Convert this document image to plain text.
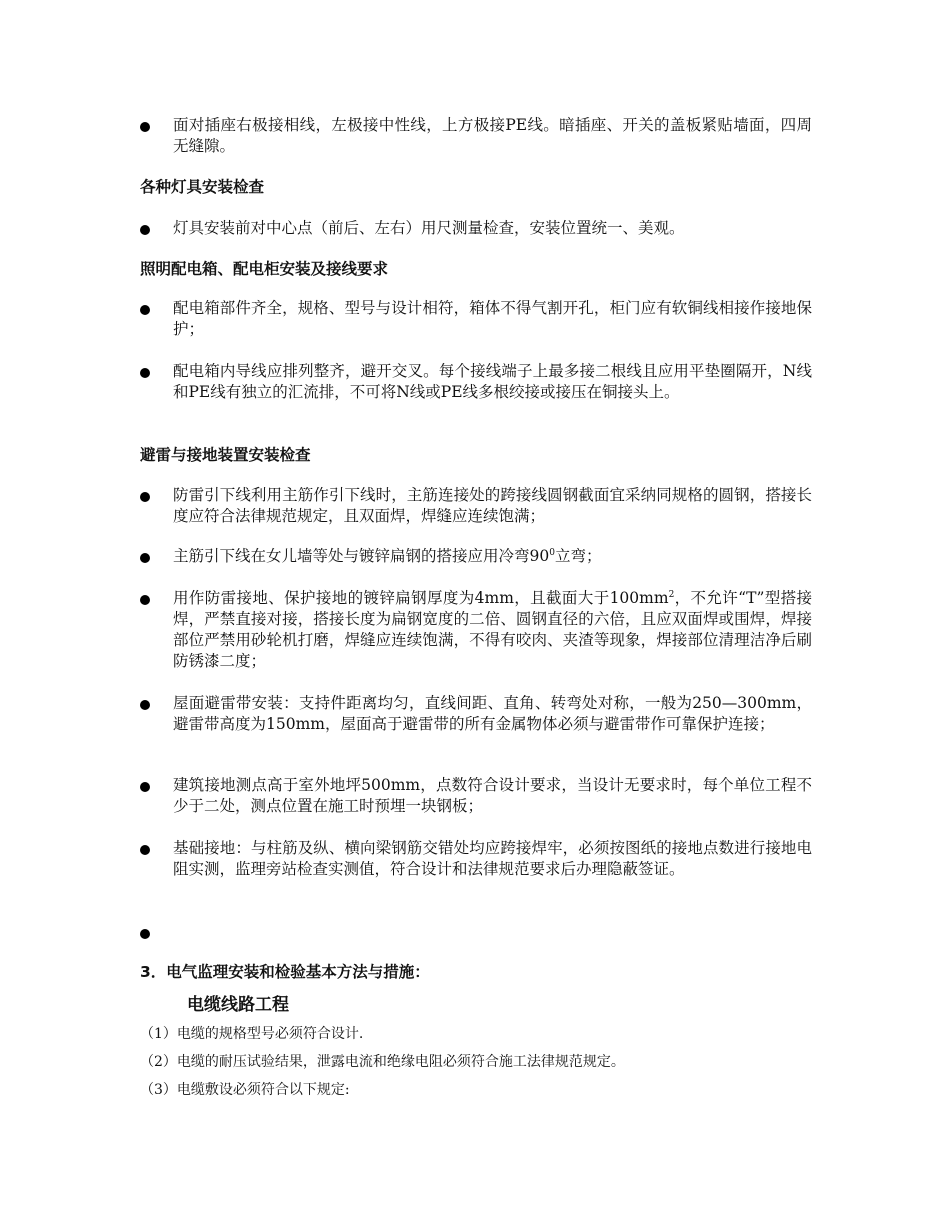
面对插座右极接相线，左极接中性线，上方极接PE线。暗插座、开关的盖板紧贴墙面，四周无缝隙。
各种灯具安装检查
灯具安装前对中心点（前后、左右）用尺测量检查，安装位置统一、美观。
照明配电箱、配电柜安装及接线要求
配电箱部件齐全，规格、型号与设计相符，箱体不得气割开孔，柜门应有软铜线相接作接地保护；
配电箱内导线应排列整齐，避开交叉。每个接线端子上最多接二根线且应用平垫圈隔开，N线和PE线有独立的汇流排，不可将N线或PE线多根绞接或接压在铜接头上。
避雷与接地装置安装检查
防雷引下线利用主筋作引下线时，主筋连接处的跨接线圆钢截面宜采纳同规格的圆钢，搭接长度应符合法律规范规定，且双面焊，焊缝应连续饱满；
主筋引下线在女儿墙等处与镀锌扁钢的搭接应用冷弯$90^0$立弯；
用作防雷接地、保护接地的镀锌扁钢厚度为4mm，且截面大于$100mm^2$，不允许“T”型搭接焊，严禁直接对接，搭接长度为扁钢宽度的二倍、圆钢直径的六倍，且应双面焊或围焊，焊接部位严禁用砂轮机打磨，焊缝应连续饱满，不得有咬肉、夹渣等现象，焊接部位清理洁净后刷防锈漆二度；
屋面避雷带安装：支持件距离均匀，直线间距、直角、转弯处对称，一般为250—300mm，避雷带高度为150mm，屋面高于避雷带的所有金属物体必须与避雷带作可靠保护连接；
建筑接地测点高于室外地坪500mm，点数符合设计要求，当设计无要求时，每个单位工程不少于二处，测点位置在施工时预埋一块钢板；
基础接地：与柱筋及纵、横向梁钢筋交错处均应跨接焊牢，必须按图纸的接地点数进行接地电阻实测，监理旁站检查实测值，符合设计和法律规范要求后办理隐蔽签证。
3．电气监理安装和检验基本方法与措施：
电缆线路工程
（1）电缆的规格型号必须符合设计.
（2）电缆的耐压试验结果，泄露电流和绝缘电阻必须符合施工法律规范规定。
（3）电缆敷设必须符合以下规定:
